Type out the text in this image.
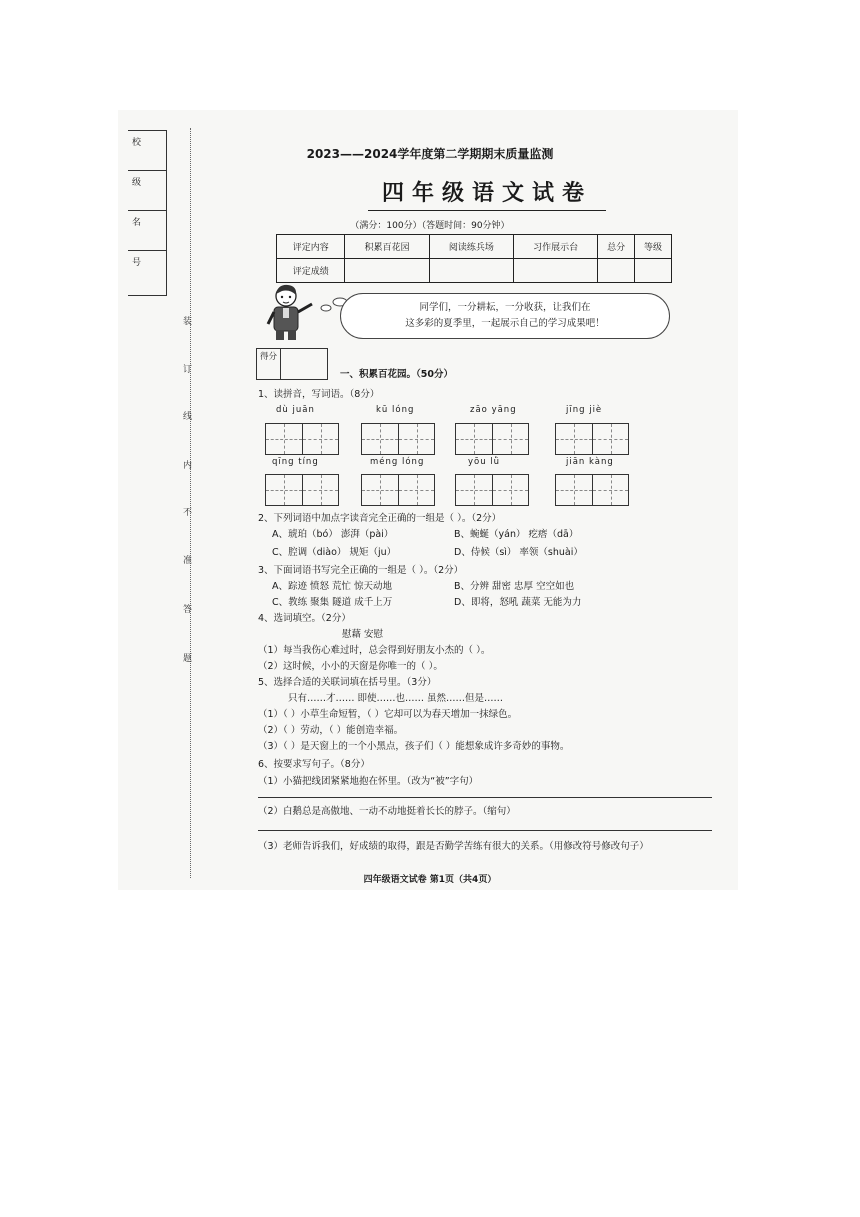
校
级
名
号
装
订
线
内
不
准
答
题
2023——2024学年度第二学期期末质量监测
四年级语文试卷
（满分：100分）（答题时间：90分钟）
评定内容	积累百花园	阅读练兵场	习作展示台	总分	等级
评定成绩					
同学们，一分耕耘，一分收获，让我们在
这多彩的夏季里，一起展示自己的学习成果吧！
得分
一、积累百花园。（50分）
1、读拼音，写词语。（8分）
dù juān	kū lóng	zāo yāng	jīng jiè
qīng tíng	méng lóng	yōu lǜ	jiān kàng
2、下列词语中加点字读音完全正确的一组是（ ）。（2分）
A、琥珀（bó） 澎湃（pài）	B、蜿蜒（yán） 疙瘩（dā）
C、腔调（diào） 规矩（ju）	D、侍候（sì） 率领（shuài）
3、下面词语书写完全正确的一组是（ ）。（2分）
A、踪迹 愤怒 荒忙 惊天动地	B、分辨 甜密 忠厚 空空如也
C、教练 聚集 隧道 成千上万	D、即将，怒吼 蔬菜 无能为力
4、选词填空。（2分）
慰藉 安慰
（1）每当我伤心难过时，总会得到好朋友小杰的（ ）。
（2）这时候，小小的天窗是你唯一的（ ）。
5、选择合适的关联词填在括号里。（3分）
只有……才…… 即使……也…… 虽然……但是……
（1）（ ）小草生命短暂，（ ）它却可以为春天增加一抹绿色。
（2）（ ）劳动，（ ）能创造幸福。
（3）（ ）是天窗上的一个小黑点，孩子们（ ）能想象成许多奇妙的事物。
6、按要求写句子。（8分）
（1）小猫把线团紧紧地抱在怀里。（改为“被”字句）
（2）白鹅总是高傲地、一动不动地挺着长长的脖子。（缩句）
（3）老师告诉我们，好成绩的取得，跟是否勤学苦练有很大的关系。（用修改符号修改句子）
四年级语文试卷 第1页（共4页）
